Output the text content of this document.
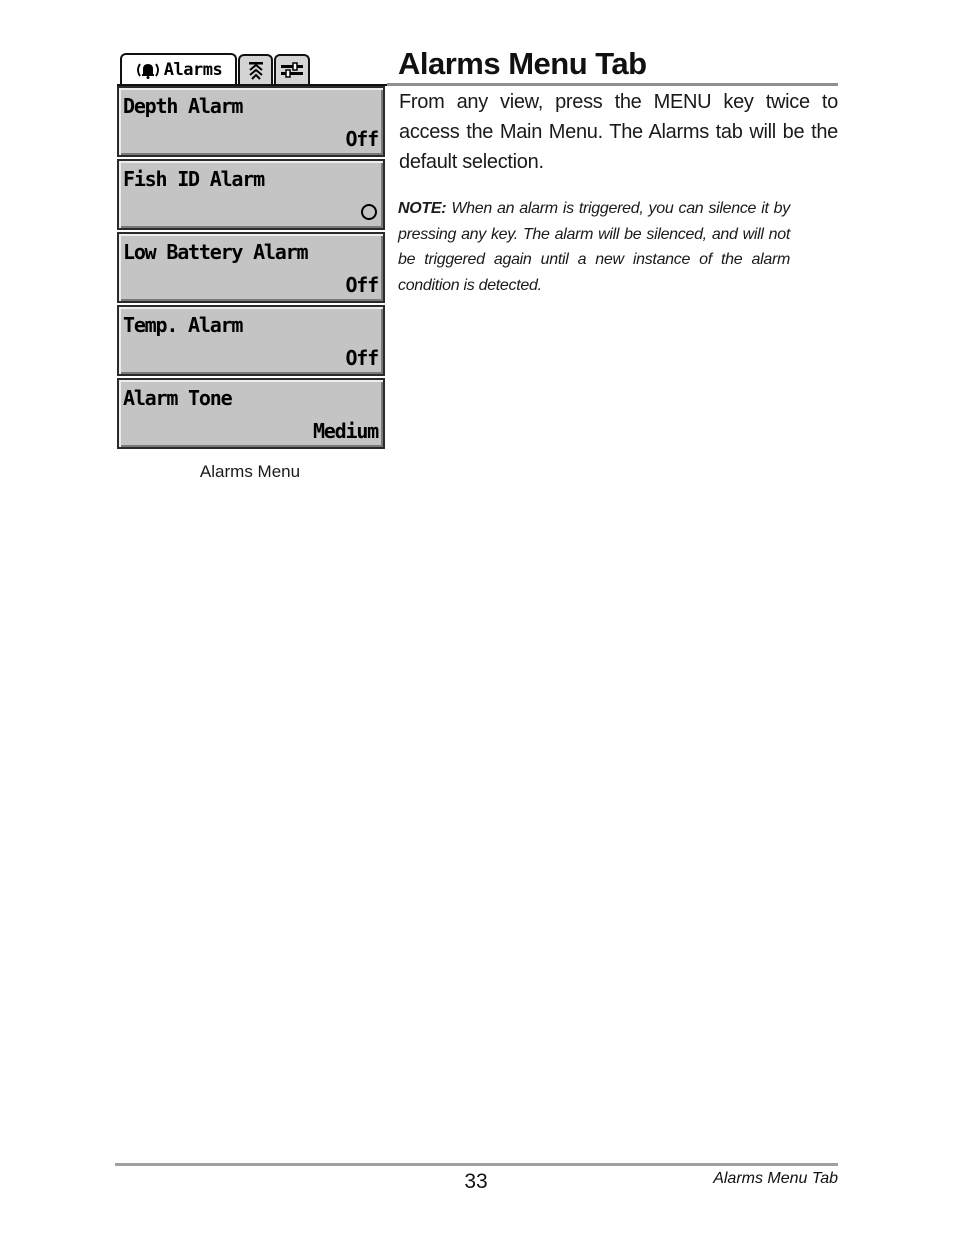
Alarms
Depth Alarm
Off
Fish ID Alarm
Low Battery Alarm
Off
Temp. Alarm
Off
Alarm Tone
Medium
Alarms Menu
Alarms Menu Tab
From any view, press the MENU key twice to access the Main Menu. The Alarms tab will be the default selection.
NOTE: When an alarm is triggered, you can silence it by pressing any key. The alarm will be silenced, and will not be triggered again until a new instance of the alarm condition is detected.
33	Alarms Menu Tab
